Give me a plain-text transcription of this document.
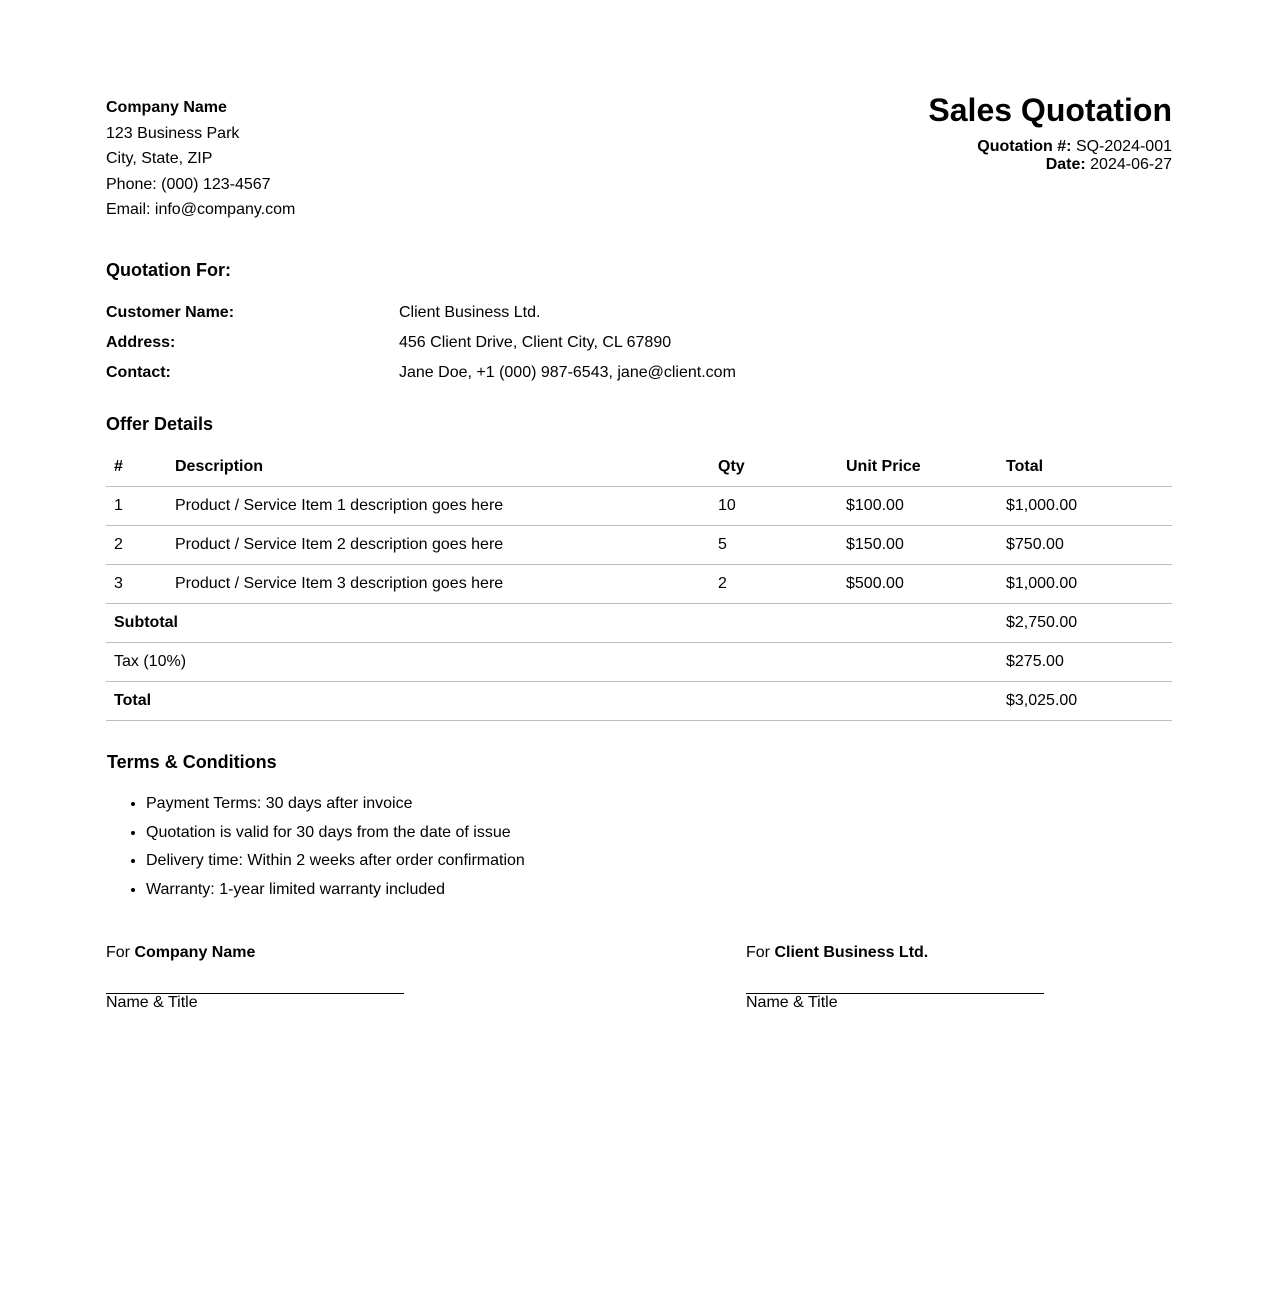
Company Name
123 Business Park
City, State, ZIP
Phone: (000) 123-4567
Email: info@company.com
Sales Quotation
Quotation #: SQ-2024-001
Date: 2024-06-27
Quotation For:
Customer Name:	Client Business Ltd.
Address:	456 Client Drive, Client City, CL 67890
Contact:	Jane Doe, +1 (000) 987-6543, jane@client.com
Offer Details
#	Description	Qty	Unit Price	Total
1	Product / Service Item 1 description goes here	10	$100.00	$1,000.00
2	Product / Service Item 2 description goes here	5	$150.00	$750.00
3	Product / Service Item 3 description goes here	2	$500.00	$1,000.00
Subtotal				$2,750.00
Tax (10%)				$275.00
Total				$3,025.00
Terms & Conditions
• Payment Terms: 30 days after invoice
• Quotation is valid for 30 days from the date of issue
• Delivery time: Within 2 weeks after order confirmation
• Warranty: 1-year limited warranty included
For Company Name
Name & Title
For Client Business Ltd.
Name & Title
